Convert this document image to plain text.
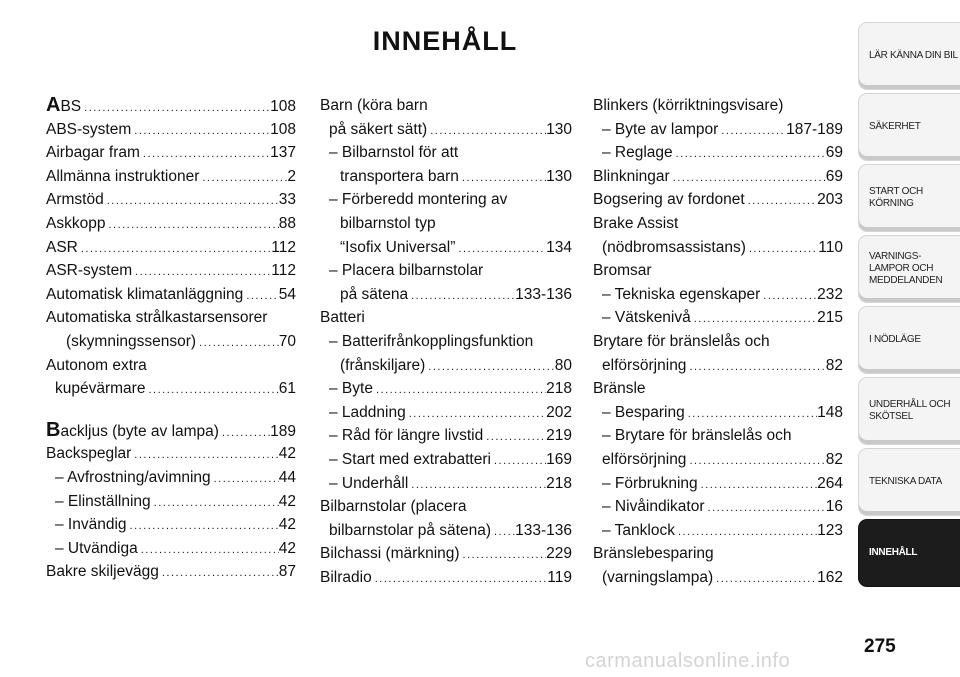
INNEHÅLL
ABS .....	108
ABS-system .....	108
Airbagar fram .....	137
Allmänna instruktioner .....	2
Armstöd .....	33
Askkopp .....	88
ASR .....	112
ASR-system .....	112
Automatisk klimatanläggning ..... 54
Automatiska strålkastarsensorer
(skymningssensor) .....	70
Autonom extra
kupévärmare .....	61
Backljus (byte av lampa) .....	189
Backspeglar .....	42
– Avfrostning/avimning .....	44
– Elinställning .....	42
– Invändig .....	42
– Utvändiga .....	42
Bakre skiljevägg .....	87
Barn (köra barn
på säkert sätt) .....	130
– Bilbarnstol för att
transportera barn .....	130
– Förberedd montering av
bilbarnstol typ
“Isofix Universal” .....	134
– Placera bilbarnstolar
på sätena .....	133-136
Batteri
– Batterifrånkopplingsfunktion
(frånskiljare) .....	80
– Byte .....	218
– Laddning .....	202
– Råd för längre livstid .....	219
– Start med extrabatteri .....	169
– Underhåll .....	218
Bilbarnstolar (placera
bilbarnstolar på sätena) ..... 133-136
Bilchassi (märkning) .....	229
Bilradio .....	119
Blinkers (körriktningsvisare)
– Byte av lampor .....	187-189
– Reglage .....	69
Blinkningar .....	69
Bogsering av fordonet .....	203
Brake Assist
(nödbromsassistans) .....	110
Bromsar
– Tekniska egenskaper .....	232
– Vätskenivå .....	215
Brytare för bränslelås och
elförsörjning .....	82
Bränsle
– Besparing .....	148
– Brytare för bränslelås och
elförsörjning .....	82
– Förbrukning .....	264
– Nivåindikator .....	16
– Tanklock .....	123
Bränslebesparing
(varningslampa) .....	162
LÄR KÄNNA DIN BIL
SÄKERHET
START OCH KÖRNING
VARNINGS- LAMPOR OCH MEDDELANDEN
I NÖDLÄGE
UNDERHÅLL OCH SKÖTSEL
TEKNISKA DATA
INNEHÅLL
275
carmanualsonline.info
